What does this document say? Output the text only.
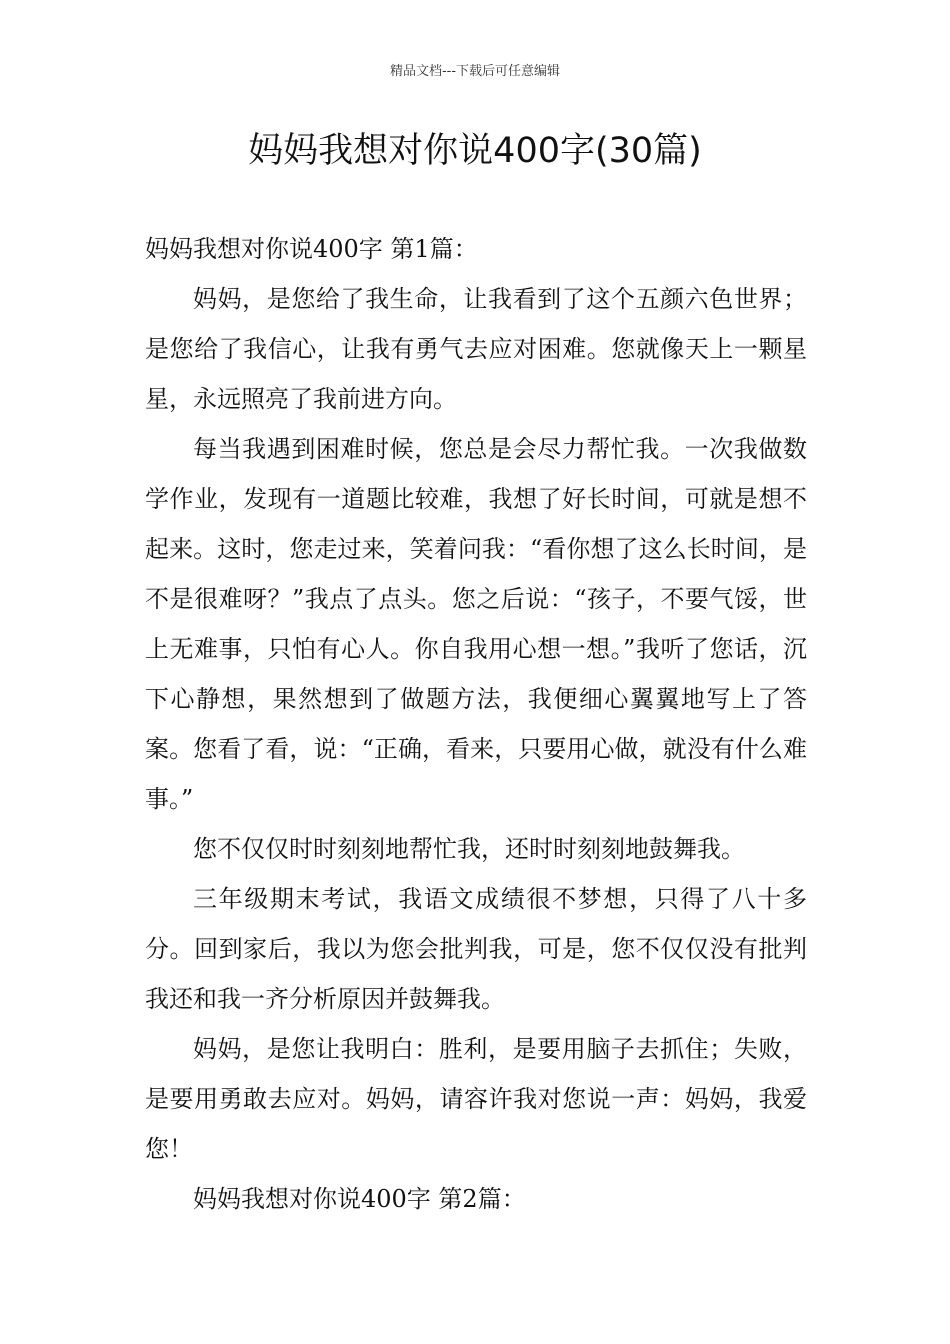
精品文档---下载后可任意编辑
妈妈我想对你说400字(30篇)

妈妈我想对你说400字 第1篇：

妈妈，是您给了我生命，让我看到了这个五颜六色世界；是您给了我信心，让我有勇气去应对困难。您就像天上一颗星星，永远照亮了我前进方向。

每当我遇到困难时候，您总是会尽力帮忙我。一次我做数学作业，发现有一道题比较难，我想了好长时间，可就是想不起来。这时，您走过来，笑着问我：“看你想了这么长时间，是不是很难呀？”我点了点头。您之后说：“孩子，不要气馁，世上无难事，只怕有心人。你自我用心想一想。”我听了您话，沉下心静想，果然想到了做题方法，我便细心翼翼地写上了答案。您看了看，说：“正确，看来，只要用心做，就没有什么难事。”

您不仅仅时时刻刻地帮忙我，还时时刻刻地鼓舞我。

三年级期末考试，我语文成绩很不梦想，只得了八十多分。回到家后，我以为您会批判我，可是，您不仅仅没有批判我还和我一齐分析原因并鼓舞我。

妈妈，是您让我明白：胜利，是要用脑子去抓住；失败，是要用勇敢去应对。妈妈，请容许我对您说一声：妈妈，我爱您！

妈妈我想对你说400字 第2篇：
